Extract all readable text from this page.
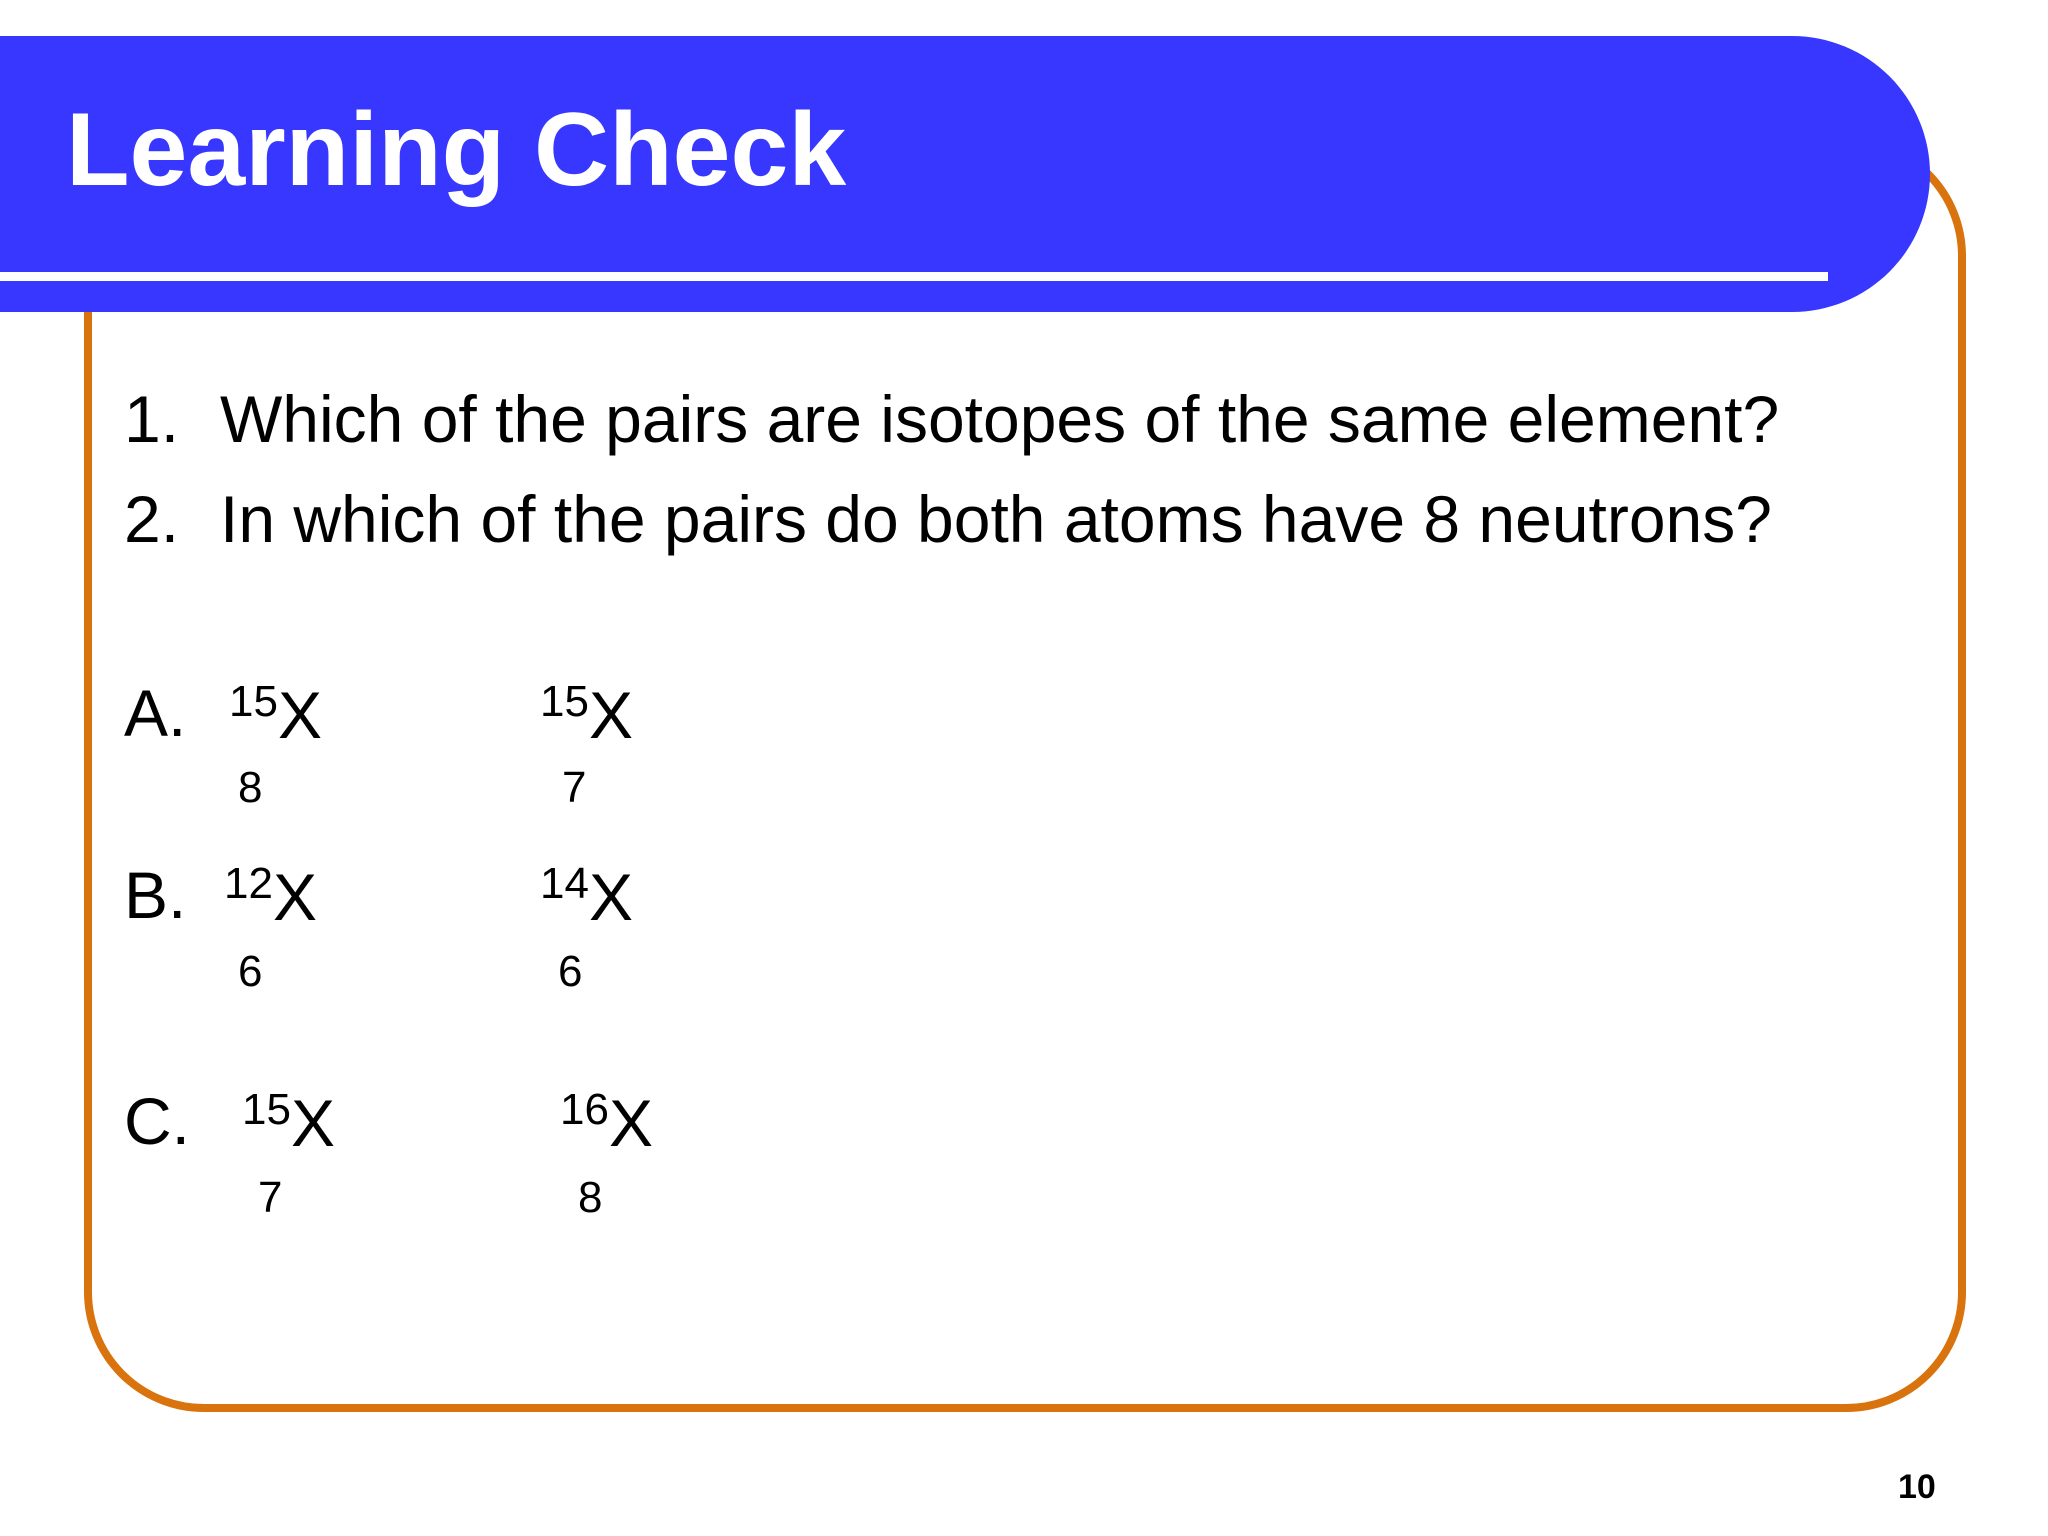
Learning Check
1. Which of the pairs are isotopes of the same element?
2. In which of the pairs do both atoms have 8 neutrons?
A. $^{15}$X
8
$^{15}$X
7
B. $^{12}$X
6
$^{14}$X
6
C. $^{15}$X
7
$^{16}$X
8
10
